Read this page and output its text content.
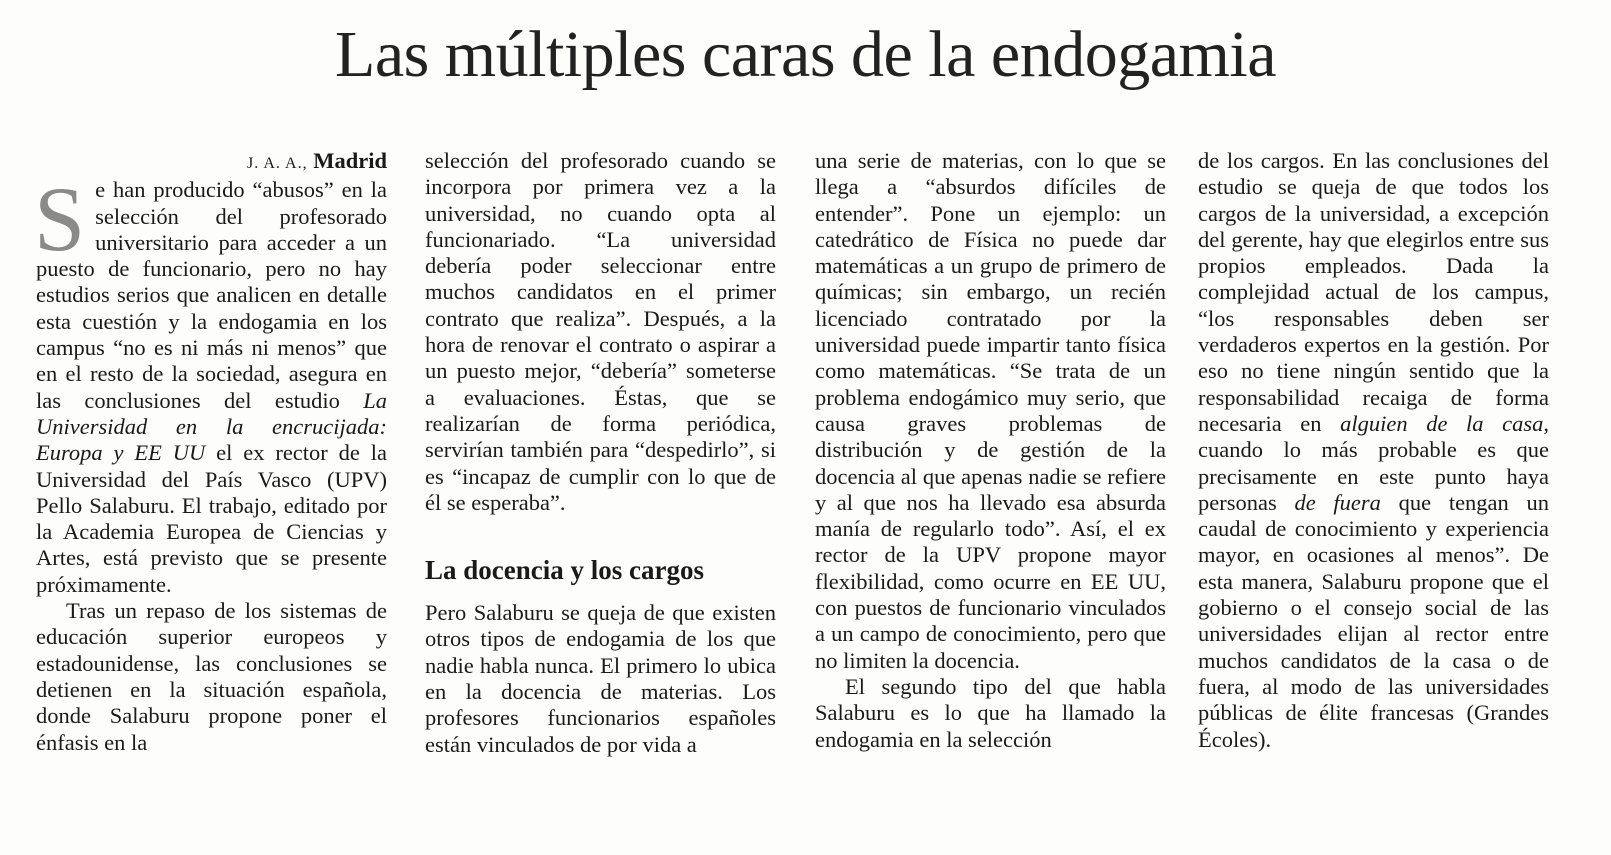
Las múltiples caras de la endogamia

J. A. A., Madrid

Se han producido “abusos” en la selección del profesorado universitario para acceder a un puesto de funcionario, pero no hay estudios serios que analicen en detalle esta cuestión y la endogamia en los campus “no es ni más ni menos” que en el resto de la sociedad, asegura en las conclusiones del estudio La Universidad en la encrucijada: Europa y EE UU el ex rector de la Universidad del País Vasco (UPV) Pello Salaburu. El trabajo, editado por la Academia Europea de Ciencias y Artes, está previsto que se presente próximamente.

Tras un repaso de los sistemas de educación superior europeos y estadounidense, las conclusiones se detienen en la situación española, donde Salaburu propone poner el énfasis en la

selección del profesorado cuando se incorpora por primera vez a la universidad, no cuando opta al funcionariado. “La universidad debería poder seleccionar entre muchos candidatos en el primer contrato que realiza”. Después, a la hora de renovar el contrato o aspirar a un puesto mejor, “debería” someterse a evaluaciones. Éstas, que se realizarían de forma periódica, servirían también para “despedirlo”, si es “incapaz de cumplir con lo que de él se esperaba”.

La docencia y los cargos

Pero Salaburu se queja de que existen otros tipos de endogamia de los que nadie habla nunca. El primero lo ubica en la docencia de materias. Los profesores funcionarios españoles están vinculados de por vida a

una serie de materias, con lo que se llega a “absurdos difíciles de entender”. Pone un ejemplo: un catedrático de Física no puede dar matemáticas a un grupo de primero de químicas; sin embargo, un recién licenciado contratado por la universidad puede impartir tanto física como matemáticas. “Se trata de un problema endogámico muy serio, que causa graves problemas de distribución y de gestión de la docencia al que apenas nadie se refiere y al que nos ha llevado esa absurda manía de regularlo todo”. Así, el ex rector de la UPV propone mayor flexibilidad, como ocurre en EE UU, con puestos de funcionario vinculados a un campo de conocimiento, pero que no limiten la docencia.

El segundo tipo del que habla Salaburu es lo que ha llamado la endogamia en la selección

de los cargos. En las conclusiones del estudio se queja de que todos los cargos de la universidad, a excepción del gerente, hay que elegirlos entre sus propios empleados. Dada la complejidad actual de los campus, “los responsables deben ser verdaderos expertos en la gestión. Por eso no tiene ningún sentido que la responsabilidad recaiga de forma necesaria en alguien de la casa, cuando lo más probable es que precisamente en este punto haya personas de fuera que tengan un caudal de conocimiento y experiencia mayor, en ocasiones al menos”. De esta manera, Salaburu propone que el gobierno o el consejo social de las universidades elijan al rector entre muchos candidatos de la casa o de fuera, al modo de las universidades públicas de élite francesas (Grandes Écoles).
